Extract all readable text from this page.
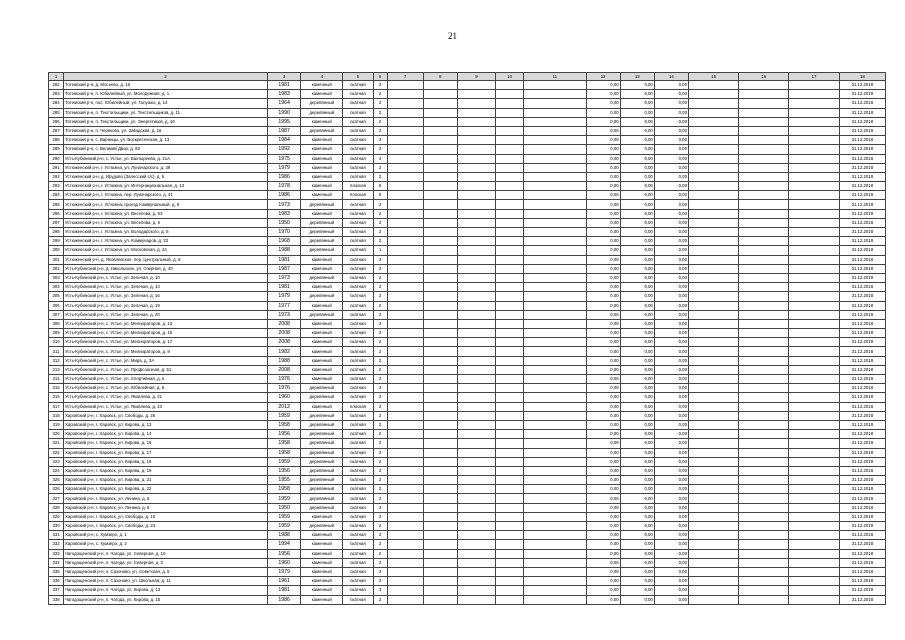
21
1	2	3	4	5	6	7	8	9	10	11	12	13	14	15	16	17	18
282	Тотемский р-н, д. Мосеево, д. 16	1981	каменный	скатная	2						0,00	0,00	0,00				31.12.2018
283	Тотемский р-н, п. Юбилейный, ул. Молодежная, д. 1	1983	каменный	скатная	2						0,00	0,00	0,00				31.12.2018
284	Тотемский р-н, пос. Юбилейный, ул. Галушко, д. 14	1964	деревянный	скатная	2						0,00	0,00	0,00				31.12.2018
285	Тотемский р-н, п. Текстильщики, ул. Текстильщиков, д. 11	1990	деревянный	скатная	2						0,00	0,00	0,00				31.12.2018
286	Тотемский р-н, п. Текстильщики, ул. Энергетиков, д. 10	1995	каменный	скатная	2						0,00	0,00	0,00				31.12.2018
287	Тотемский р-н, п. Чернково, ул. Заводская, д. 16	1987	деревянный	скатная	2						0,00	0,00	0,00				31.12.2018
288	Тотемский р-н, с. Варницы, ул. Воскресенская, д. 13	1984	каменный	скатная	2						0,00	0,00	0,00				31.12.2018
289	Тотемский р-н, с. Великий Двор, д. 83	1992	каменный	скатная	2						0,00	0,00	0,00				31.12.2018
290	Усть-Кубинский р-н, с. Устье, ул. Бахтыреева, д. 21А	1975	каменный	скатная	4						0,00	0,00	0,00				31.12.2018
291	Устюженский р-н, г. Устюжна, ул. Луначарского, д. 39	1979	каменный	скатная	2						0,00	0,00	0,00				31.12.2018
292	Устюженский р-н, д. Ирудово (Залесский с/с), д. 6	1986	каменный	скатная	2						0,00	0,00	0,00				31.12.2018
293	Устюженский р-н, г. Устюжна, ул. Интернациональная, д. 13	1978	каменный	плоская	5						0,00	0,00	0,00				31.12.2018
294	Устюженский р-н, г. Устюжна, пер. Луначарского, д. 41	1986	каменный	плоская	5						0,00	0,00	0,00				31.12.2018
295	Устюженский р-н, г. Устюжна, проезд Коммунальный, д. 6	1973	деревянный	скатная	2						0,00	0,00	0,00				31.12.2018
296	Устюженский р-н, г. Устюжна, ул. Веселова, д. 63	1983	каменный	скатная	2						0,00	0,00	0,00				31.12.2018
297	Устюженский р-н, г. Устюжна, ул. Веселова, д. 6	1950	деревянный	скатная	2						0,00	0,00	0,00				31.12.2018
298	Устюженский р-н, г. Устюжна, ул. Володарского, д. 5	1970	деревянный	скатная	2						0,00	0,00	0,00				31.12.2018
299	Устюженский р-н, г. Устюжна, ул. Коммунаров, д. 33	1968	деревянный	скатная	2						0,00	0,00	0,00				31.12.2018
300	Устюженский р-н, г. Устюжна, ул. Московская, д. 44	1988	деревянный	скатная	1						0,00	0,00	0,00				31.12.2018
301	Устюженский р-н, д. Яковлевское, пер. Центральный, д. 6	1981	каменный	скатная	2						0,00	0,00	0,00				31.12.2018
302	Усть-Кубинский р-н, д. Никольское, ул. Озерная, д. 40	1987	каменный	скатная	2						0,00	0,00	0,00				31.12.2018
303	Усть-Кубинский р-н, с. Устье, ул. Зеленая, д. 10	1973	деревянный	скатная	2						0,00	0,00	0,00				31.12.2018
304	Усть-Кубинский р-н, с. Устье, ул. Зеленая, д. 13	1981	каменный	скатная	2						0,00	0,00	0,00				31.12.2018
305	Усть-Кубинский р-н, с. Устье, ул. Зеленая, д. 16	1979	деревянный	скатная	2						0,00	0,00	0,00				31.12.2018
306	Усть-Кубинский р-н, с. Устье, ул. Зеленая, д. 19	1977	каменный	скатная	2						0,00	0,00	0,00				31.12.2018
307	Усть-Кубинский р-н, с. Устье, ул. Зеленая, д. 20	1973	деревянный	скатная	2						0,00	0,00	0,00				31.12.2018
308	Усть-Кубинский р-н, с. Устье, ул. Мелиораторов, д. 13	2008	каменный	скатная	2						0,00	0,00	0,00				31.12.2018
309	Усть-Кубинский р-н, с. Устье, ул. Мелиораторов, д. 15	2008	каменный	скатная	2						0,00	0,00	0,00				31.12.2018
310	Усть-Кубинский р-н, с. Устье, ул. Мелиораторов, д. 17	2008	каменный	скатная	2						0,00	0,00	0,00				31.12.2018
311	Усть-Кубинский р-н, с. Устье, ул. Мелиораторов, д. 9	1982	каменный	скатная	2						0,00	0,00	0,00				31.12.2018
312	Усть-Кубинский р-н, с. Устье, ул. Мира, д. 3А	1988	каменный	скатная	2						0,00	0,00	0,00				31.12.2018
313	Усть-Кубинский р-н, с. Устье, ул. Профсоюзная, д. 51	2008	каменный	скатная	2						0,00	0,00	0,00				31.12.2018
314	Усть-Кубинский р-н, с. Устье, ул. Спортивная, д. 6	1976	каменный	скатная	2						0,00	0,00	0,00				31.12.2018
315	Усть-Кубинский р-н, с. Устье, ул. Юбилейная, д. 9	1976	деревянный	скатная	2						0,00	0,00	0,00				31.12.2018
316	Усть-Кубинский р-н, с. Устье, ул. Яковлева, д. 21	1960	деревянный	скатная	2						0,00	0,00	0,00				31.12.2018
317	Усть-Кубинский р-н, с. Устье, ул. Яковлева, д. 23	2012	каменный	плоская	3						0,00	0,00	0,00				31.12.2018
318	Харовский р-н, г. Харовск, ул. Свободы, д. 26	1959	деревянный	скатная	2						0,00	0,00	0,00				31.12.2018
319	Харовский р-н, г. Харовск, ул. Кирова, д. 13	1958	деревянный	скатная	2						0,00	0,00	0,00				31.12.2018
320	Харовский р-н, г. Харовск, ул. Кирова, д. 14	1956	деревянный	скатная	2						0,00	0,00	0,00				31.12.2018
321	Харовский р-н, г. Харовск, ул. Кирова, д. 16	1958	деревянный	скатная	2						0,00	0,00	0,00				31.12.2018
322	Харовский р-н, г. Харовск, ул. Кирова, д. 17	1958	деревянный	скатная	2						0,00	0,00	0,00				31.12.2018
323	Харовский р-н, г. Харовск, ул. Кирова, д. 18	1959	деревянный	скатная	2						0,00	0,00	0,00				31.12.2018
324	Харовский р-н, г. Харовск, ул. Кирова, д. 19	1956	деревянный	скатная	2						0,00	0,00	0,00				31.12.2018
325	Харовский р-н, г. Харовск, ул. Кирова, д. 21	1955	деревянный	скатная	2						0,00	0,00	0,00				31.12.2018
326	Харовский р-н, г. Харовск, ул. Кирова, д. 22	1958	деревянный	скатная	2						0,00	0,00	0,00				31.12.2018
327	Харовский р-н, г. Харовск, ул. Ленина, д. 5	1959	деревянный	скатная	2						0,00	0,00	0,00				31.12.2018
328	Харовский р-н, г. Харовск, ул. Ленина, д. 8	1950	деревянный	скатная	2						0,00	0,00	0,00				31.12.2018
329	Харовский р-н, г. Харовск, ул. Свободы, д. 10	1959	каменный	скатная	2						0,00	0,00	0,00				31.12.2018
330	Харовский р-н, г. Харовск, ул. Свободы, д. 24	1959	деревянный	скатная	2						0,00	0,00	0,00				31.12.2018
331	Харовский р-н, с. Кумзеро, д. 1	1988	каменный	скатная	2						0,00	0,00	0,00				31.12.2018
332	Харовский р-н, с. Кумзеро, д. 2	1994	каменный	скатная	2						0,00	0,00	0,00				31.12.2018
333	Чагодощенский р-н, п. Чагода, ул. Северная, д. 10	1956	каменный	скатная	2						0,00	0,00	0,00				31.12.2018
334	Чагодощенский р-н, п. Чагода, ул. Северная, д. 2	1960	каменный	скатная	2						0,00	0,00	0,00				31.12.2018
335	Чагодощенский р-н, п. Сазоново, ул. Советская, д. 5	1979	каменный	скатная	2						0,00	0,00	0,00				31.12.2018
336	Чагодощенский р-н, п. Сазоново, ул. Школьная, д. 11	1961	каменный	скатная	2						0,00	0,00	0,00				31.12.2018
337	Чагодощенский р-н, п. Чагода, ул. Кирова, д. 13	1981	каменный	скатная	3						0,00	0,00	0,00				31.12.2018
338	Чагодощенский р-н, п. Чагода, ул. Кирова, д. 15	1986	каменный	скатная	2						0,00	0,00	0,00				31.12.2018
